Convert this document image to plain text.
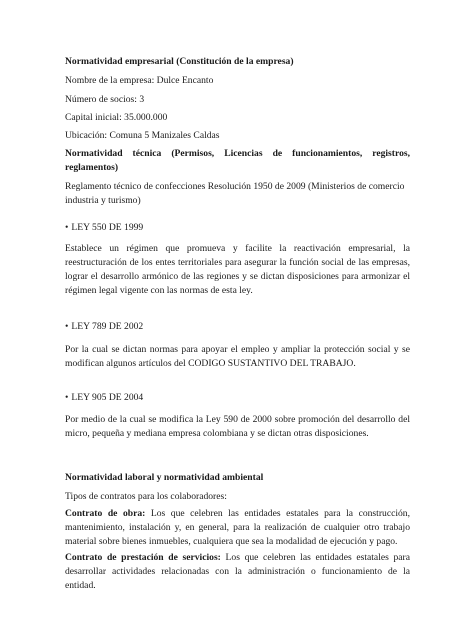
Normatividad empresarial (Constitución de la empresa)

Nombre de la empresa: Dulce Encanto

Número de socios: 3

Capital inicial: 35.000.000

Ubicación: Comuna 5 Manizales Caldas

Normatividad técnica (Permisos, Licencias de funcionamientos, registros, reglamentos)

Reglamento técnico de confecciones Resolución 1950 de 2009 (Ministerios de comercio industria y turismo)

• LEY 550 DE 1999

Establece un régimen que promueva y facilite la reactivación empresarial, la reestructuración de los entes territoriales para asegurar la función social de las empresas, lograr el desarrollo armónico de las regiones y se dictan disposiciones para armonizar el régimen legal vigente con las normas de esta ley.

• LEY 789 DE 2002

Por la cual se dictan normas para apoyar el empleo y ampliar la protección social y se modifican algunos artículos del CODIGO SUSTANTIVO DEL TRABAJO.

• LEY 905 DE 2004

Por medio de la cual se modifica la Ley 590 de 2000 sobre promoción del desarrollo del micro, pequeña y mediana empresa colombiana y se dictan otras disposiciones.

Normatividad laboral y normatividad ambiental

Tipos de contratos para los colaboradores:

Contrato de obra: Los que celebren las entidades estatales para la construcción, mantenimiento, instalación y, en general, para la realización de cualquier otro trabajo material sobre bienes inmuebles, cualquiera que sea la modalidad de ejecución y pago.

Contrato de prestación de servicios: Los que celebren las entidades estatales para desarrollar actividades relacionadas con la administración o funcionamiento de la entidad.
